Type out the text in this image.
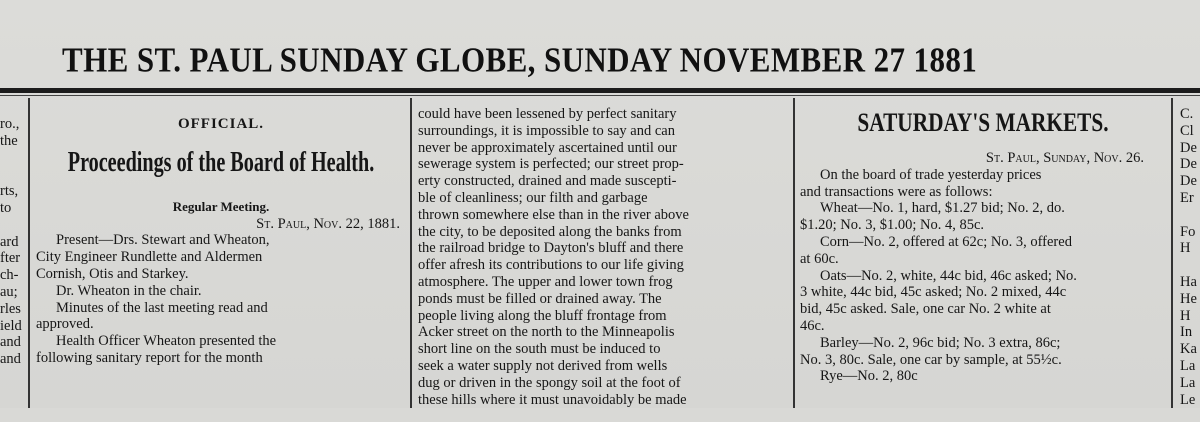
THE ST. PAUL SUNDAY GLOBE, SUNDAY NOVEMBER 27 1881
ro.,
the

rts,
to

ard
fter
ch-
au;
rles
ield
and
and
OFFICIAL.
Proceedings of the Board of Health.
Regular Meeting.
St. Paul, Nov. 22, 1881.
Present—Drs. Stewart and Wheaton,
City Engineer Rundlette and Aldermen
Cornish, Otis and Starkey.
Dr. Wheaton in the chair.
Minutes of the last meeting read and
approved.
Health Officer Wheaton presented the
following sanitary report for the month
could have been lessened by perfect sanitary
surroundings, it is impossible to say and can
never be approximately ascertained until our
sewerage system is perfected; our street prop-
erty constructed, drained and made suscepti-
ble of cleanliness; our filth and garbage
thrown somewhere else than in the river above
the city, to be deposited along the banks from
the railroad bridge to Dayton's bluff and there
offer afresh its contributions to our life giving
atmosphere. The upper and lower town frog
ponds must be filled or drained away. The
people living along the bluff frontage from
Acker street on the north to the Minneapolis
short line on the south must be induced to
seek a water supply not derived from wells
dug or driven in the spongy soil at the foot of
these hills where it must unavoidably be made
SATURDAY'S MARKETS.
St. Paul, Sunday, Nov. 26.
On the board of trade yesterday prices
and transactions were as follows:
Wheat—No. 1, hard, $1.27 bid; No. 2, do.
$1.20; No. 3, $1.00; No. 4, 85c.
Corn—No. 2, offered at 62c; No. 3, offered
at 60c.
Oats—No. 2, white, 44c bid, 46c asked; No.
3 white, 44c bid, 45c asked; No. 2 mixed, 44c
bid, 45c asked. Sale, one car No. 2 white at
46c.
Barley—No. 2, 96c bid; No. 3 extra, 86c;
No. 3, 80c. Sale, one car by sample, at 55½c.
Rye—No. 2, 80c
C.
Cl
De
De
De
Er

Fo
H

Ha
He
H
In
Ka
La
La
Le
